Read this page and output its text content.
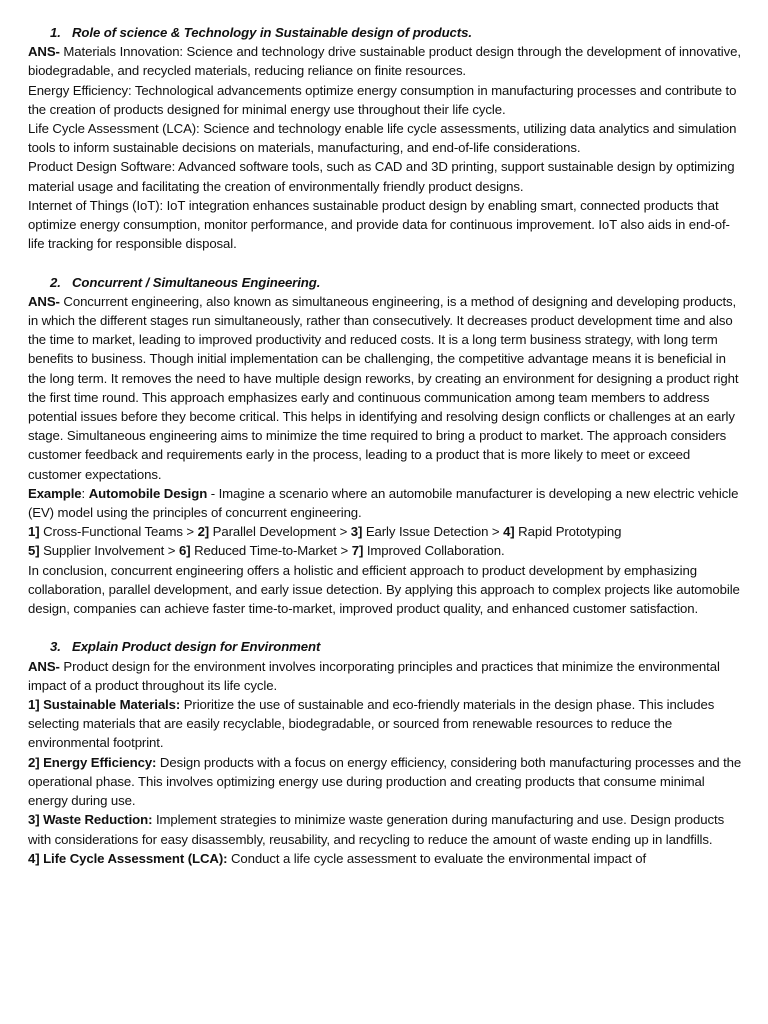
1. Role of science & Technology in Sustainable design of products.

ANS- Materials Innovation: Science and technology drive sustainable product design through the development of innovative, biodegradable, and recycled materials, reducing reliance on finite resources.

Energy Efficiency: Technological advancements optimize energy consumption in manufacturing processes and contribute to the creation of products designed for minimal energy use throughout their life cycle.

Life Cycle Assessment (LCA): Science and technology enable life cycle assessments, utilizing data analytics and simulation tools to inform sustainable decisions on materials, manufacturing, and end-of-life considerations.

Product Design Software: Advanced software tools, such as CAD and 3D printing, support sustainable design by optimizing material usage and facilitating the creation of environmentally friendly product designs.

Internet of Things (IoT): IoT integration enhances sustainable product design by enabling smart, connected products that optimize energy consumption, monitor performance, and provide data for continuous improvement. IoT also aids in end-of-life tracking for responsible disposal.

2. Concurrent / Simultaneous Engineering.

ANS- Concurrent engineering, also known as simultaneous engineering, is a method of designing and developing products, in which the different stages run simultaneously, rather than consecutively. It decreases product development time and also the time to market, leading to improved productivity and reduced costs. It is a long term business strategy, with long term benefits to business. Though initial implementation can be challenging, the competitive advantage means it is beneficial in the long term. It removes the need to have multiple design reworks, by creating an environment for designing a product right the first time round. This approach emphasizes early and continuous communication among team members to address potential issues before they become critical. This helps in identifying and resolving design conflicts or challenges at an early stage. Simultaneous engineering aims to minimize the time required to bring a product to market. The approach considers customer feedback and requirements early in the process, leading to a product that is more likely to meet or exceed customer expectations.

Example: Automobile Design - Imagine a scenario where an automobile manufacturer is developing a new electric vehicle (EV) model using the principles of concurrent engineering.

1] Cross-Functional Teams > 2] Parallel Development > 3] Early Issue Detection > 4] Rapid Prototyping

5] Supplier Involvement > 6] Reduced Time-to-Market > 7] Improved Collaboration.

In conclusion, concurrent engineering offers a holistic and efficient approach to product development by emphasizing collaboration, parallel development, and early issue detection. By applying this approach to complex projects like automobile design, companies can achieve faster time-to-market, improved product quality, and enhanced customer satisfaction.

3. Explain Product design for Environment

ANS- Product design for the environment involves incorporating principles and practices that minimize the environmental impact of a product throughout its life cycle.

1] Sustainable Materials: Prioritize the use of sustainable and eco-friendly materials in the design phase. This includes selecting materials that are easily recyclable, biodegradable, or sourced from renewable resources to reduce the environmental footprint.

2] Energy Efficiency: Design products with a focus on energy efficiency, considering both manufacturing processes and the operational phase. This involves optimizing energy use during production and creating products that consume minimal energy during use.

3] Waste Reduction: Implement strategies to minimize waste generation during manufacturing and use. Design products with considerations for easy disassembly, reusability, and recycling to reduce the amount of waste ending up in landfills.

4] Life Cycle Assessment (LCA): Conduct a life cycle assessment to evaluate the environmental impact of
